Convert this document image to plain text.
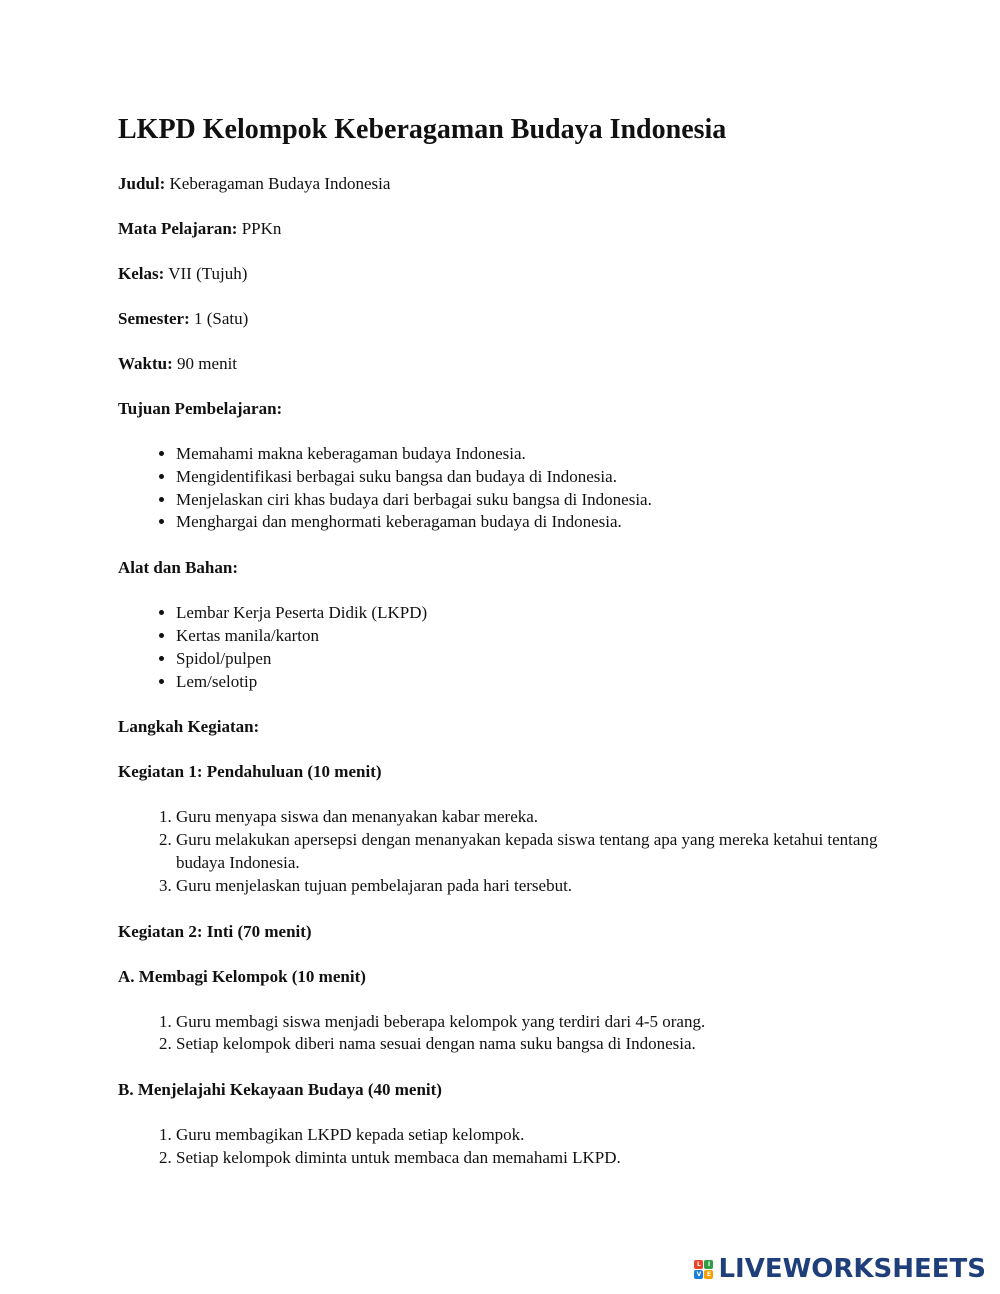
LKPD Kelompok Keberagaman Budaya Indonesia

Judul: Keberagaman Budaya Indonesia

Mata Pelajaran: PPKn

Kelas: VII (Tujuh)

Semester: 1 (Satu)

Waktu: 90 menit

Tujuan Pembelajaran:

• Memahami makna keberagaman budaya Indonesia.
• Mengidentifikasi berbagai suku bangsa dan budaya di Indonesia.
• Menjelaskan ciri khas budaya dari berbagai suku bangsa di Indonesia.
• Menghargai dan menghormati keberagaman budaya di Indonesia.

Alat dan Bahan:

• Lembar Kerja Peserta Didik (LKPD)
• Kertas manila/karton
• Spidol/pulpen
• Lem/selotip

Langkah Kegiatan:

Kegiatan 1: Pendahuluan (10 menit)

1. Guru menyapa siswa dan menanyakan kabar mereka.
2. Guru melakukan apersepsi dengan menanyakan kepada siswa tentang apa yang mereka ketahui tentang budaya Indonesia.
3. Guru menjelaskan tujuan pembelajaran pada hari tersebut.

Kegiatan 2: Inti (70 menit)

A. Membagi Kelompok (10 menit)

1. Guru membagi siswa menjadi beberapa kelompok yang terdiri dari 4-5 orang.
2. Setiap kelompok diberi nama sesuai dengan nama suku bangsa di Indonesia.

B. Menjelajahi Kekayaan Budaya (40 menit)

1. Guru membagikan LKPD kepada setiap kelompok.
2. Setiap kelompok diminta untuk membaca dan memahami LKPD.
L	I
V E LIVEWORKSHEETS
